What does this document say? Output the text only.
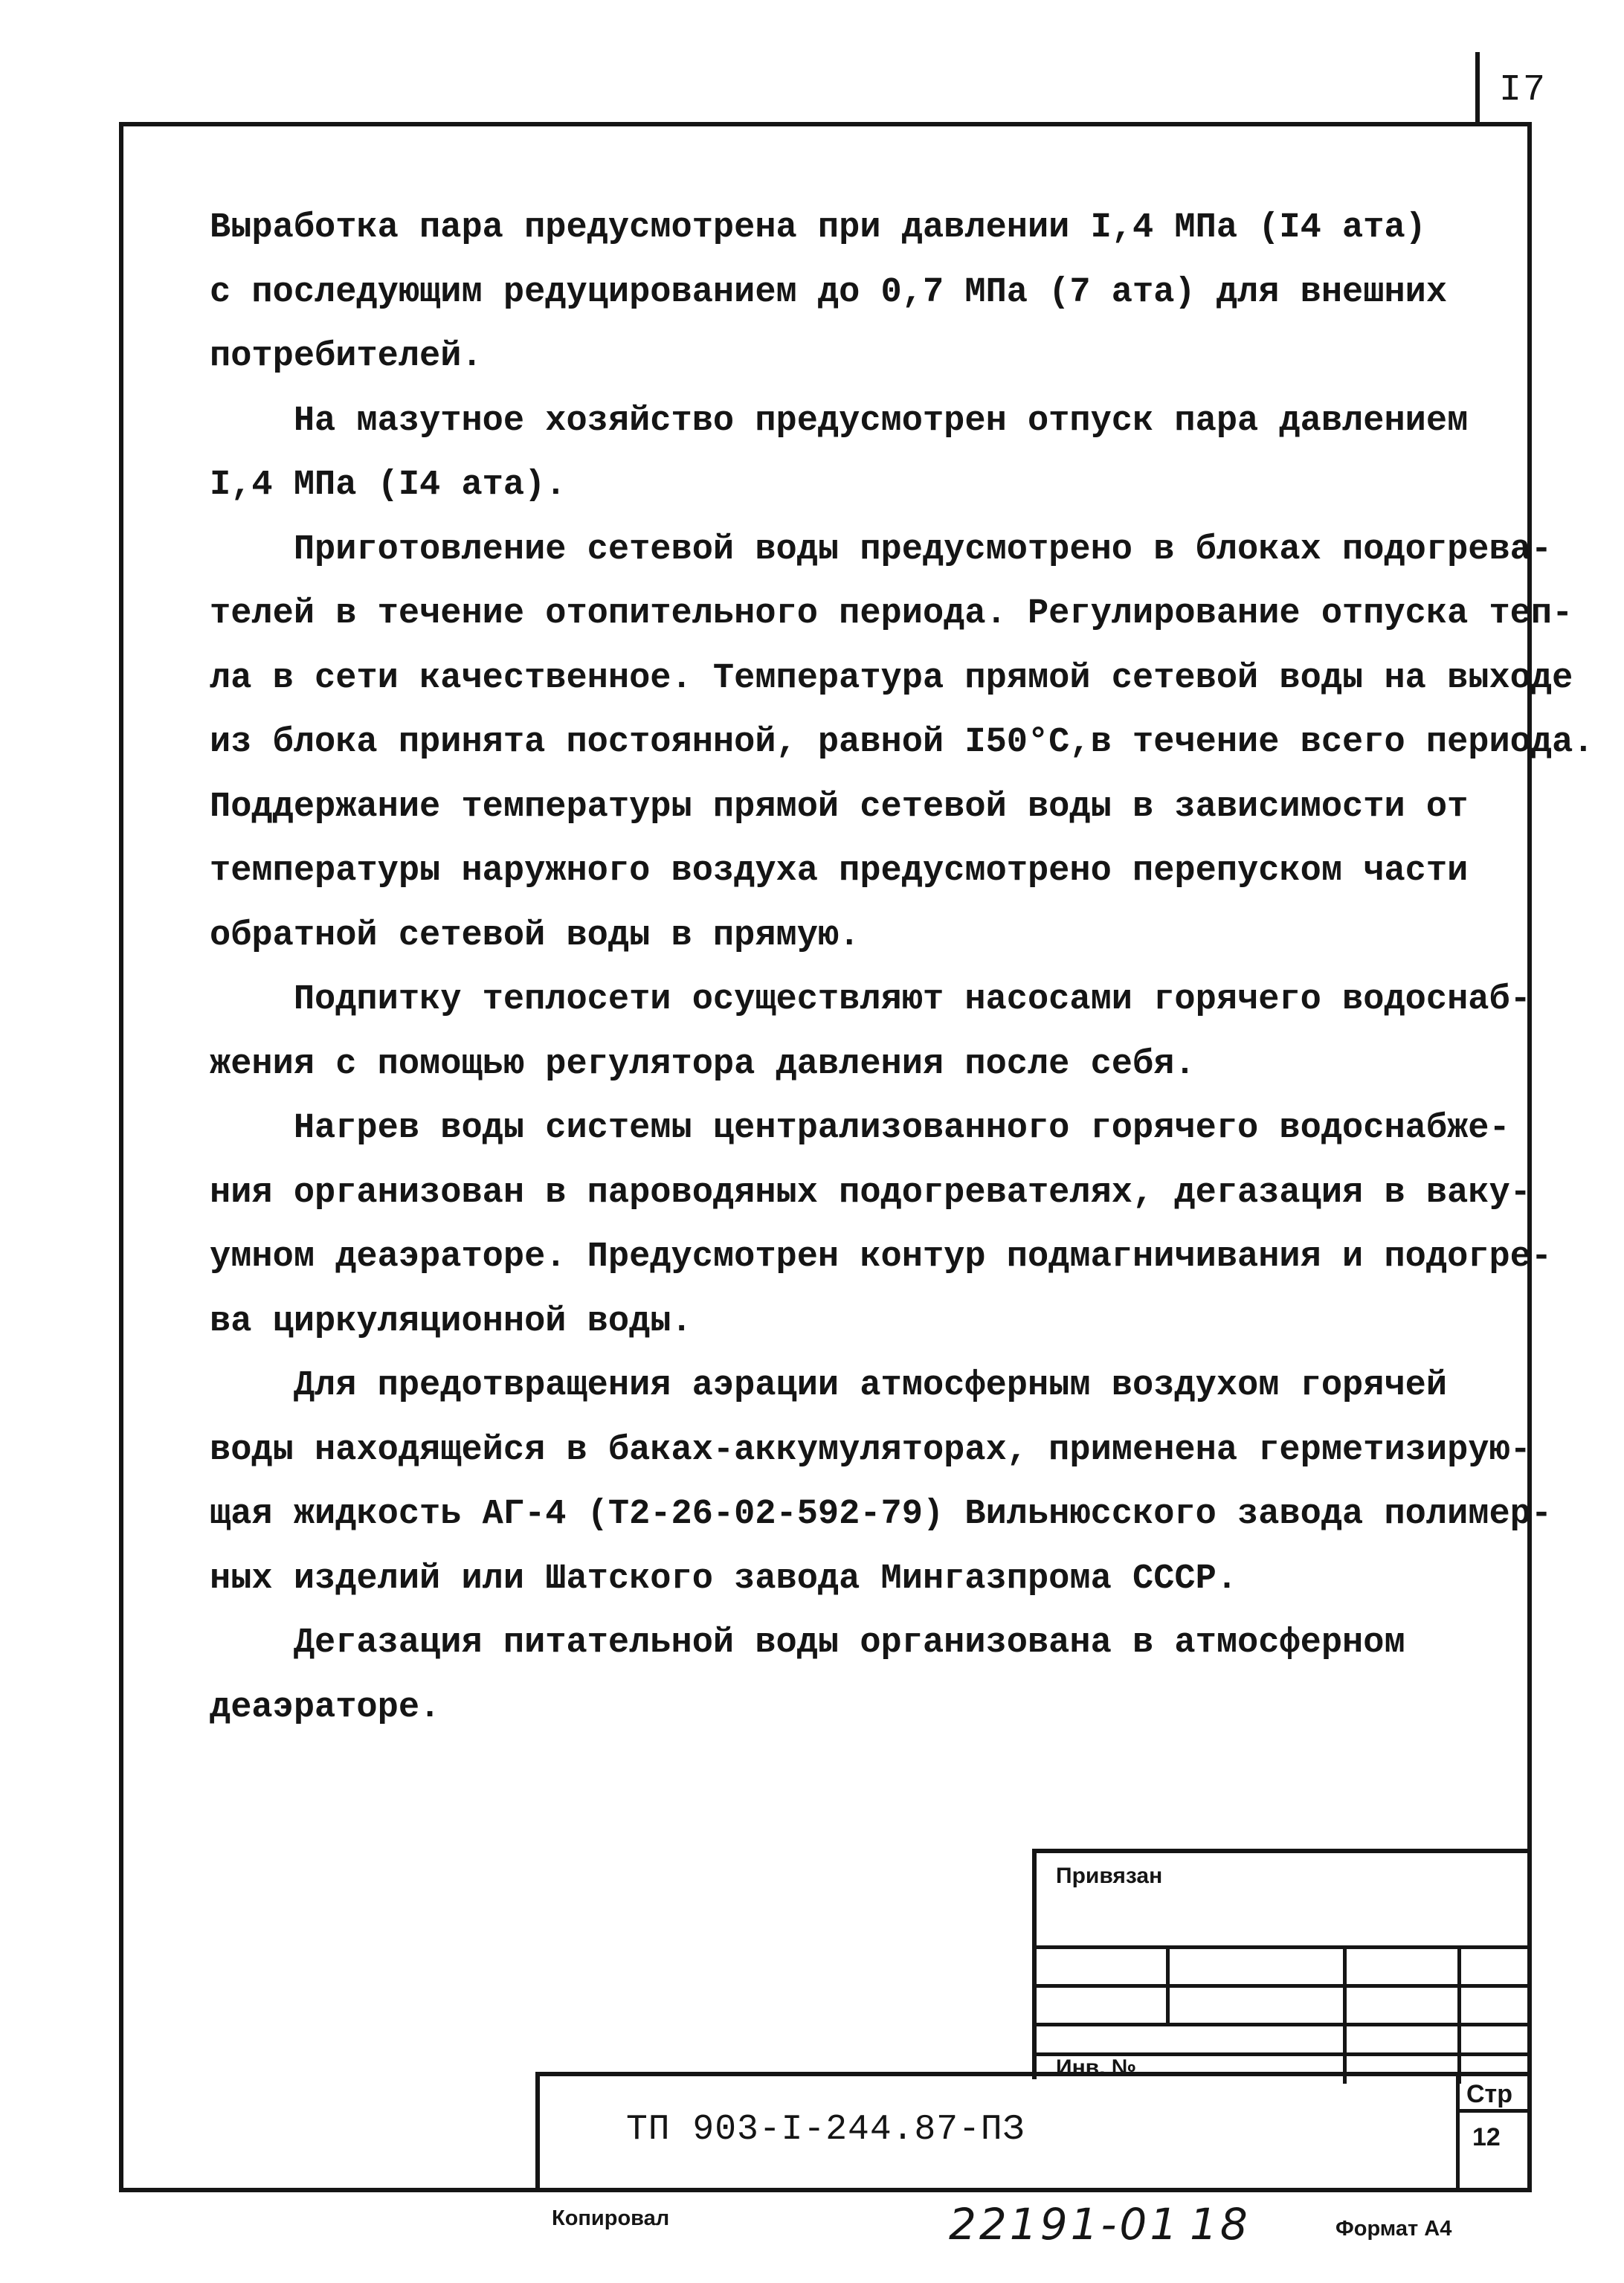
I7

Выработка пара предусмотрена при давлении I,4 МПа (I4 ата)
с последующим редуцированием до 0,7 МПа (7 ата) для внешних
потребителей.

На мазутное хозяйство предусмотрен отпуск пара давлением
I,4 МПа (I4 ата).

Приготовление сетевой воды предусмотрено в блоках подогрева-
телей в течение отопительного периода. Регулирование отпуска теп-
ла в сети качественное. Температура прямой сетевой воды на выходе
из блока принята постоянной, равной I50°С,в течение всего периода.
Поддержание температуры прямой сетевой воды в зависимости от
температуры наружного воздуха предусмотрено перепуском части
обратной сетевой воды в прямую.

Подпитку теплосети осуществляют насосами горячего водоснаб-
жения с помощью регулятора давления после себя.

Нагрев воды системы централизованного горячего водоснабже-
ния организован в пароводяных подогревателях, дегазация в ваку-
умном деаэраторе. Предусмотрен контур подмагничивания и подогре-
ва циркуляционной воды.

Для предотвращения аэрации атмосферным воздухом горячей
воды находящейся в баках-аккумуляторах, применена герметизирую-
щая жидкость АГ-4 (Т2-26-02-592-79) Вильнюсского завода полимер-
ных изделий или Шатского завода Мингазпрома СССР.

Дегазация питательной воды организована в атмосферном
деаэраторе.

Привязан
Инв. №
ТП 903-I-244.87-ПЗ
Стр
12
Копировал	22191-01 18	Формат А4
